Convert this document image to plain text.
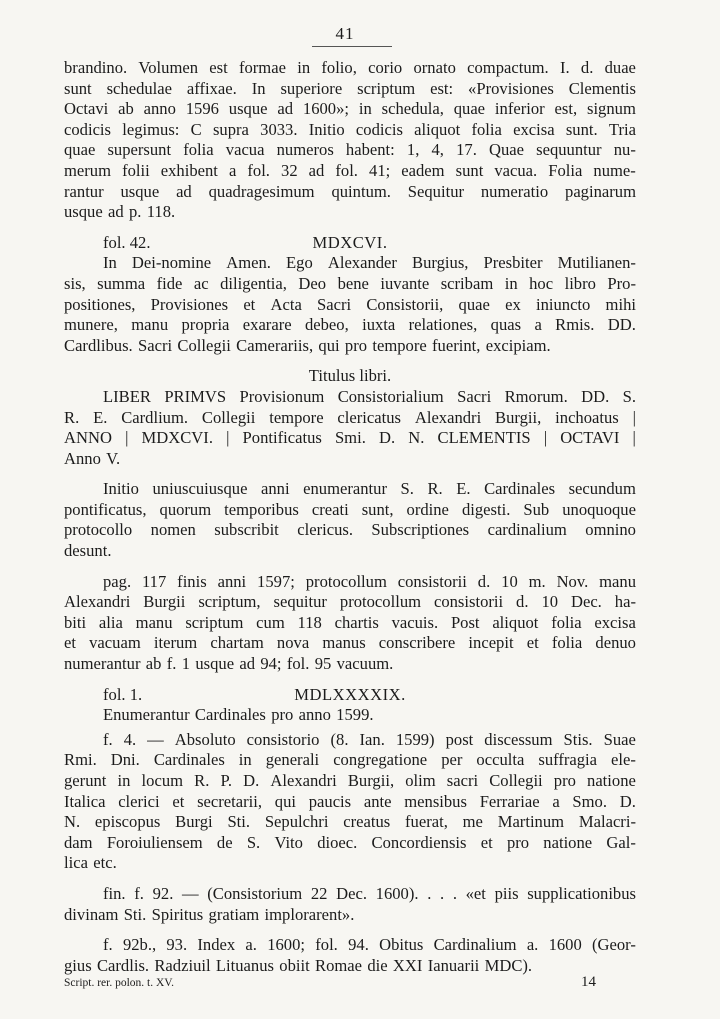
41
brandino. Volumen est formae in folio, corio ornato compactum. I. d. duae
sunt schedulae affixae. In superiore scriptum est: «Provisiones Clementis
Octavi ab anno 1596 usque ad 1600»; in schedula, quae inferior est, signum
codicis legimus: C supra 3033. Initio codicis aliquot folia excisa sunt. Tria
quae supersunt folia vacua numeros habent: 1, 4, 17. Quae sequuntur nu-
merum folii exhibent a fol. 32 ad fol. 41; eadem sunt vacua. Folia nume-
rantur usque ad quadragesimum quintum. Sequitur numeratio paginarum
usque ad p. 118.
MDXCVI.
fol. 42.
In Dei-nomine Amen. Ego Alexander Burgius, Presbiter Mutilianen-
sis, summa fide ac diligentia, Deo bene iuvante scribam in hoc libro Pro-
positiones, Provisiones et Acta Sacri Consistorii, quae ex iniuncto mihi
munere, manu propria exarare debeo, iuxta relationes, quas a Rmis. DD.
Cardlibus. Sacri Collegii Camerariis, qui pro tempore fuerint, excipiam.
Titulus libri.
LIBER PRIMVS Provisionum Consistorialium Sacri Rmorum. DD. S.
R. E. Cardlium. Collegii tempore clericatus Alexandri Burgii, inchoatus |
ANNO | MDXCVI. | Pontificatus Smi. D. N. CLEMENTIS | OCTAVI |
Anno V.
Initio uniuscuiusque anni enumerantur S. R. E. Cardinales secundum
pontificatus, quorum temporibus creati sunt, ordine digesti. Sub unoquoque
protocollo nomen subscribit clericus. Subscriptiones cardinalium omnino
desunt.
pag. 117 finis anni 1597; protocollum consistorii d. 10 m. Nov. manu
Alexandri Burgii scriptum, sequitur protocollum consistorii d. 10 Dec. ha-
biti alia manu scriptum cum 118 chartis vacuis. Post aliquot folia excisa
et vacuam iterum chartam nova manus conscribere incepit et folia denuo
numerantur ab f. 1 usque ad 94; fol. 95 vacuum.
MDLXXXXIX.
fol. 1.
Enumerantur Cardinales pro anno 1599.
f. 4. — Absoluto consistorio (8. Ian. 1599) post discessum Stis. Suae
Rmi. Dni. Cardinales in generali congregatione per occulta suffragia ele-
gerunt in locum R. P. D. Alexandri Burgii, olim sacri Collegii pro natione
Italica clerici et secretarii, qui paucis ante mensibus Ferrariae a Smo. D.
N. episcopus Burgi Sti. Sepulchri creatus fuerat, me Martinum Malacri-
dam Foroiuliensem de S. Vito dioec. Concordiensis et pro natione Gal-
lica etc.
fin. f. 92. — (Consistorium 22 Dec. 1600). . . . «et piis supplicationibus
divinam Sti. Spiritus gratiam implorarent».
f. 92b., 93. Index a. 1600; fol. 94. Obitus Cardinalium a. 1600 (Geor-
gius Cardlis. Radziuil Lituanus obiit Romae die XXI Ianuarii MDC).
Script. rer. polon. t. XV.	14
